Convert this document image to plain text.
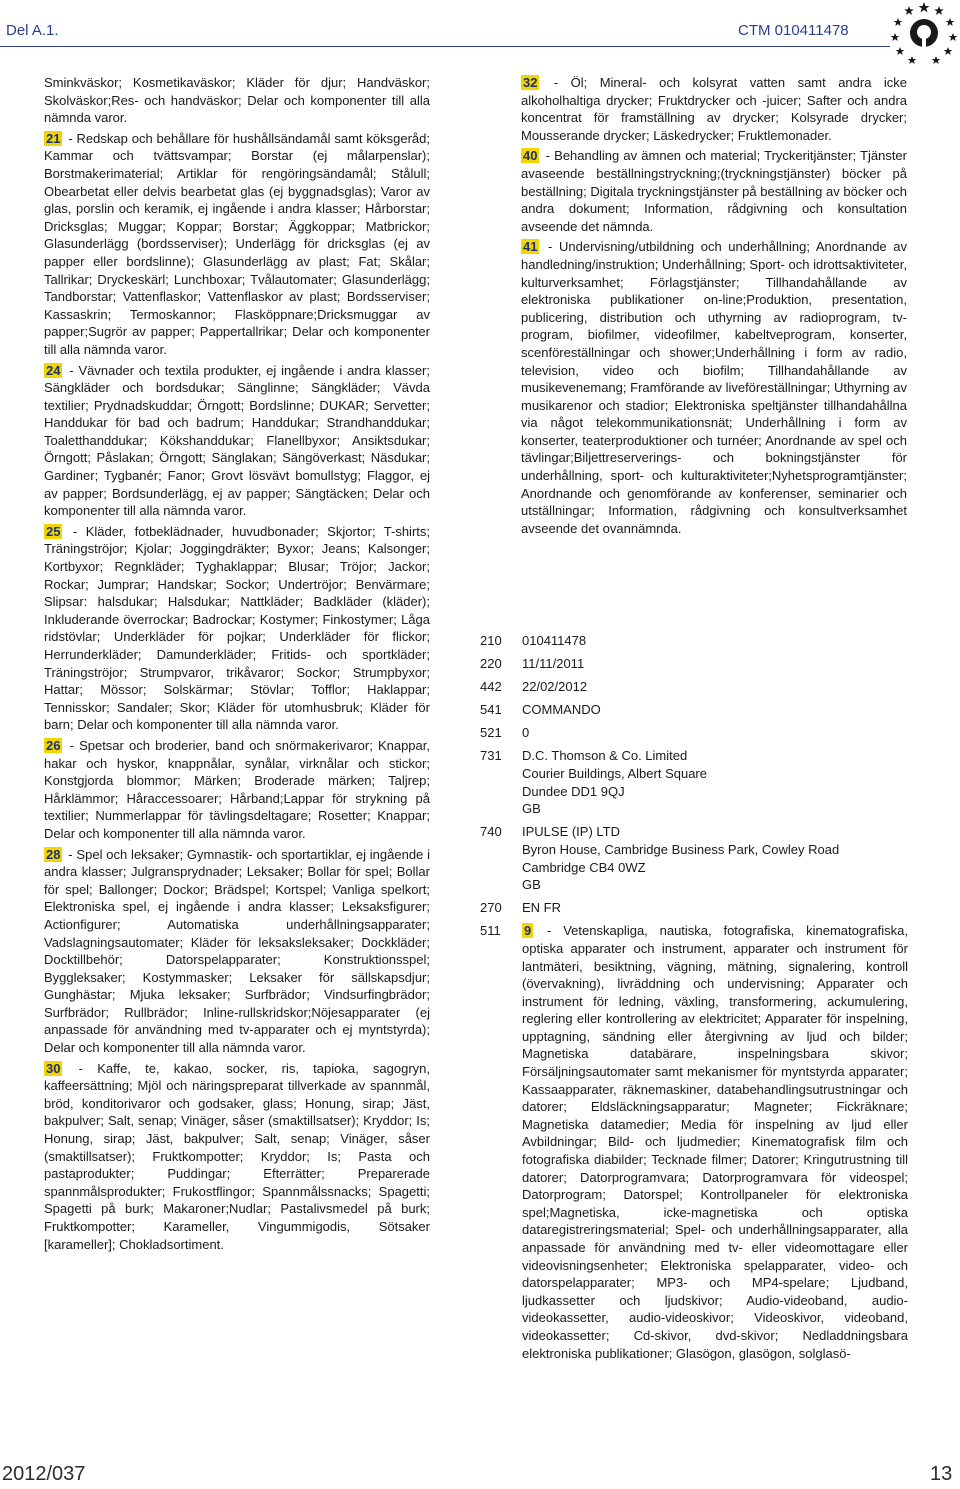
Del A.1.	CTM 010411478

Sminkväskor; Kosmetikaväskor; Kläder för djur; Handväskor; Skolväskor;Res- och handväskor; Delar och komponenter till alla nämnda varor.

21 - Redskap och behållare för hushållsändamål samt köksgeråd; Kammar och tvättsvampar; Borstar (ej målarpenslar); Borstmakerimaterial; Artiklar för rengöringsändamål; Stålull; Obearbetat eller delvis bearbetat glas (ej byggnadsglas); Varor av glas, porslin och keramik, ej ingående i andra klasser; Hårborstar; Dricksglas; Muggar; Koppar; Borstar; Äggkoppar; Matbrickor; Glasunderlägg (bordsserviser); Underlägg för dricksglas (ej av papper eller bordslinne); Glasunderlägg av plast; Fat; Skålar; Tallrikar; Dryckeskärl; Lunchboxar; Tvålautomater; Glasunderlägg; Tandborstar; Vattenflaskor; Vattenflaskor av plast; Bordsserviser; Kassaskrin; Termoskannor; Flasköppnare;Dricksmuggar av papper;Sugrör av papper; Pappertallrikar; Delar och komponenter till alla nämnda varor.

24 - Vävnader och textila produkter, ej ingående i andra klasser; Sängkläder och bordsdukar; Sänglinne; Sängkläder; Vävda textilier; Prydnadskuddar; Örngott; Bordslinne; DUKAR; Servetter; Handdukar för bad och badrum; Handdukar; Strandhanddukar; Toaletthanddukar; Kökshanddukar; Flanellbyxor; Ansiktsdukar; Örngott; Påslakan; Örngott; Sänglakan; Sängöverkast; Näsdukar; Gardiner; Tygbanér; Fanor; Grovt lösvävt bomullstyg; Flaggor, ej av papper; Bordsunderlägg, ej av papper; Sängtäcken; Delar och komponenter till alla nämnda varor.

25 - Kläder, fotbeklädnader, huvudbonader; Skjortor; T-shirts; Träningströjor; Kjolar; Joggingdräkter; Byxor; Jeans; Kalsonger; Kortbyxor; Regnkläder; Tyghaklappar; Blusar; Tröjor; Jackor; Rockar; Jumprar; Handskar; Sockor; Undertröjor; Benvärmare; Slipsar: halsdukar; Halsdukar; Nattkläder; Badkläder (kläder); Inkluderande överrockar; Badrockar; Kostymer; Finkostymer; Låga ridstövlar; Underkläder för pojkar; Underkläder för flickor; Herrunderkläder; Damunderkläder; Fritids- och sportkläder; Träningströjor; Strumpvaror, trikåvaror; Sockor; Strumpbyxor; Hattar; Mössor; Solskärmar; Stövlar; Tofflor; Haklappar; Tennisskor; Sandaler; Skor; Kläder för utomhusbruk; Kläder för barn; Delar och komponenter till alla nämnda varor.

26 - Spetsar och broderier, band och snörmakerivaror; Knappar, hakar och hyskor, knappnålar, synålar, virknålar och stickor; Konstgjorda blommor; Märken; Broderade märken; Taljrep; Hårklämmor; Håraccessoarer; Hårband;Lappar för strykning på textilier; Nummerlappar för tävlingsdeltagare; Rosetter; Knappar; Delar och komponenter till alla nämnda varor.

28 - Spel och leksaker; Gymnastik- och sportartiklar, ej ingående i andra klasser; Julgransprydnader; Leksaker; Bollar för spel; Bollar för spel; Ballonger; Dockor; Brädspel; Kortspel; Vanliga spelkort; Elektroniska spel, ej ingående i andra klasser; Leksaksfigurer; Actionfigurer; Automatiska underhållningsapparater; Vadslagningsautomater; Kläder för leksaksleksaker; Dockkläder; Docktillbehör; Datorspelapparater; Konstruktionsspel; Byggleksaker; Kostymmasker; Leksaker för sällskapsdjur; Gunghästar; Mjuka leksaker; Surfbrädor; Vindsurfingbrädor; Surfbrädor; Rullbrädor; Inline-rullskridskor;Nöjesapparater (ej anpassade för användning med tv-apparater och ej myntstyrda); Delar och komponenter till alla nämnda varor.

30 - Kaffe, te, kakao, socker, ris, tapioka, sagogryn, kaffeersättning; Mjöl och näringspreparat tillverkade av spannmål, bröd, konditorivaror och godsaker, glass; Honung, sirap; Jäst, bakpulver; Salt, senap; Vinäger, såser (smaktillsatser); Kryddor; Is; Honung, sirap; Jäst, bakpulver; Salt, senap; Vinäger, såser (smaktillsatser); Fruktkompotter; Kryddor; Is; Pasta och pastaprodukter; Puddingar; Efterrätter; Preparerade spannmålsprodukter; Frukostflingor; Spannmålssnacks; Spagetti; Spagetti på burk; Makaroner;Nudlar; Pastalivsmedel på burk; Fruktkompotter; Karameller, Vingummigodis, Sötsaker [karameller]; Chokladsortiment.

32 - Öl; Mineral- och kolsyrat vatten samt andra icke alkoholhaltiga drycker; Fruktdrycker och -juicer; Safter och andra koncentrat för framställning av drycker; Kolsyrade drycker; Mousserande drycker; Läskedrycker; Fruktlemonader.

40 - Behandling av ämnen och material; Tryckeritjänster; Tjänster avaseende beställningstryckning;(tryckningstjänster) böcker på beställning; Digitala tryckningstjänster på beställning av böcker och andra dokument; Information, rådgivning och konsultation avseende det nämnda.

41 - Undervisning/utbildning och underhållning; Anordnande av handledning/instruktion; Underhållning; Sport- och idrottsaktiviteter, kulturverksamhet; Förlagstjänster; Tillhandahållande av elektroniska publikationer on-line;Produktion, presentation, publicering, distribution och uthyrning av radioprogram, tv-program, biofilmer, videofilmer, kabeltveprogram, konserter, scenföreställningar och shower;Underhållning i form av radio, television, video och biofilm; Tillhandahållande av musikevenemang; Framförande av liveföreställningar; Uthyrning av musikarenor och stadior; Elektroniska speltjänster tillhandahållna via något telekommunikationsnät; Underhållning i form av konserter, teaterproduktioner och turnéer; Anordnande av spel och tävlingar;Biljettreserverings- och bokningstjänster för underhållning, sport- och kulturaktiviteter;Nyhetsprogramtjänster; Anordnande och genomförande av konferenser, seminarier och utställningar; Information, rådgivning och konsultverksamhet avseende det ovannämnda.

210	010411478
220	11/11/2011
442	22/02/2012
541	COMMANDO
521	0
731	D.C. Thomson & Co. Limited
Courier Buildings, Albert Square
Dundee DD1 9QJ
GB
740	IPULSE (IP) LTD
Byron House, Cambridge Business Park, Cowley Road
Cambridge CB4 0WZ
GB
270	EN FR
511	9 - Vetenskapliga, nautiska, fotografiska, kinematografiska, optiska apparater och instrument, apparater och instrument för lantmäteri, besiktning, vägning, mätning, signalering, kontroll (övervakning), livräddning och undervisning; Apparater och instrument för ledning, växling, transformering, ackumulering, reglering eller kontrollering av elektricitet; Apparater för inspelning, upptagning, sändning eller återgivning av ljud och bilder; Magnetiska databärare, inspelningsbara skivor; Försäljningsautomater samt mekanismer för myntstyrda apparater; Kassaapparater, räknemaskiner, databehandlingsutrustningar och datorer; Eldsläckningsapparatur; Magneter; Fickräknare; Magnetiska datamedier; Media för inspelning av ljud eller Avbildningar; Bild- och ljudmedier; Kinematografisk film och fotografiska diabilder; Tecknade filmer; Datorer; Kringutrustning till datorer; Datorprogramvara; Datorprogramvara för videospel; Datorprogram; Datorspel; Kontrollpaneler för elektroniska spel;Magnetiska, icke-magnetiska och optiska dataregistreringsmaterial; Spel- och underhållningsapparater, alla anpassade för användning med tv- eller videomottagare eller videovisningsenheter; Elektroniska spelapparater, video- och datorspelapparater; MP3- och MP4-spelare; Ljudband, ljudkassetter och ljudskivor; Audio-videoband, audio-videokassetter, audio-videoskivor; Videoskivor, videoband, videokassetter; Cd-skivor, dvd-skivor; Nedladdningsbara elektroniska publikationer; Glasögon, glasögon, solglasö-
2012/037	13
